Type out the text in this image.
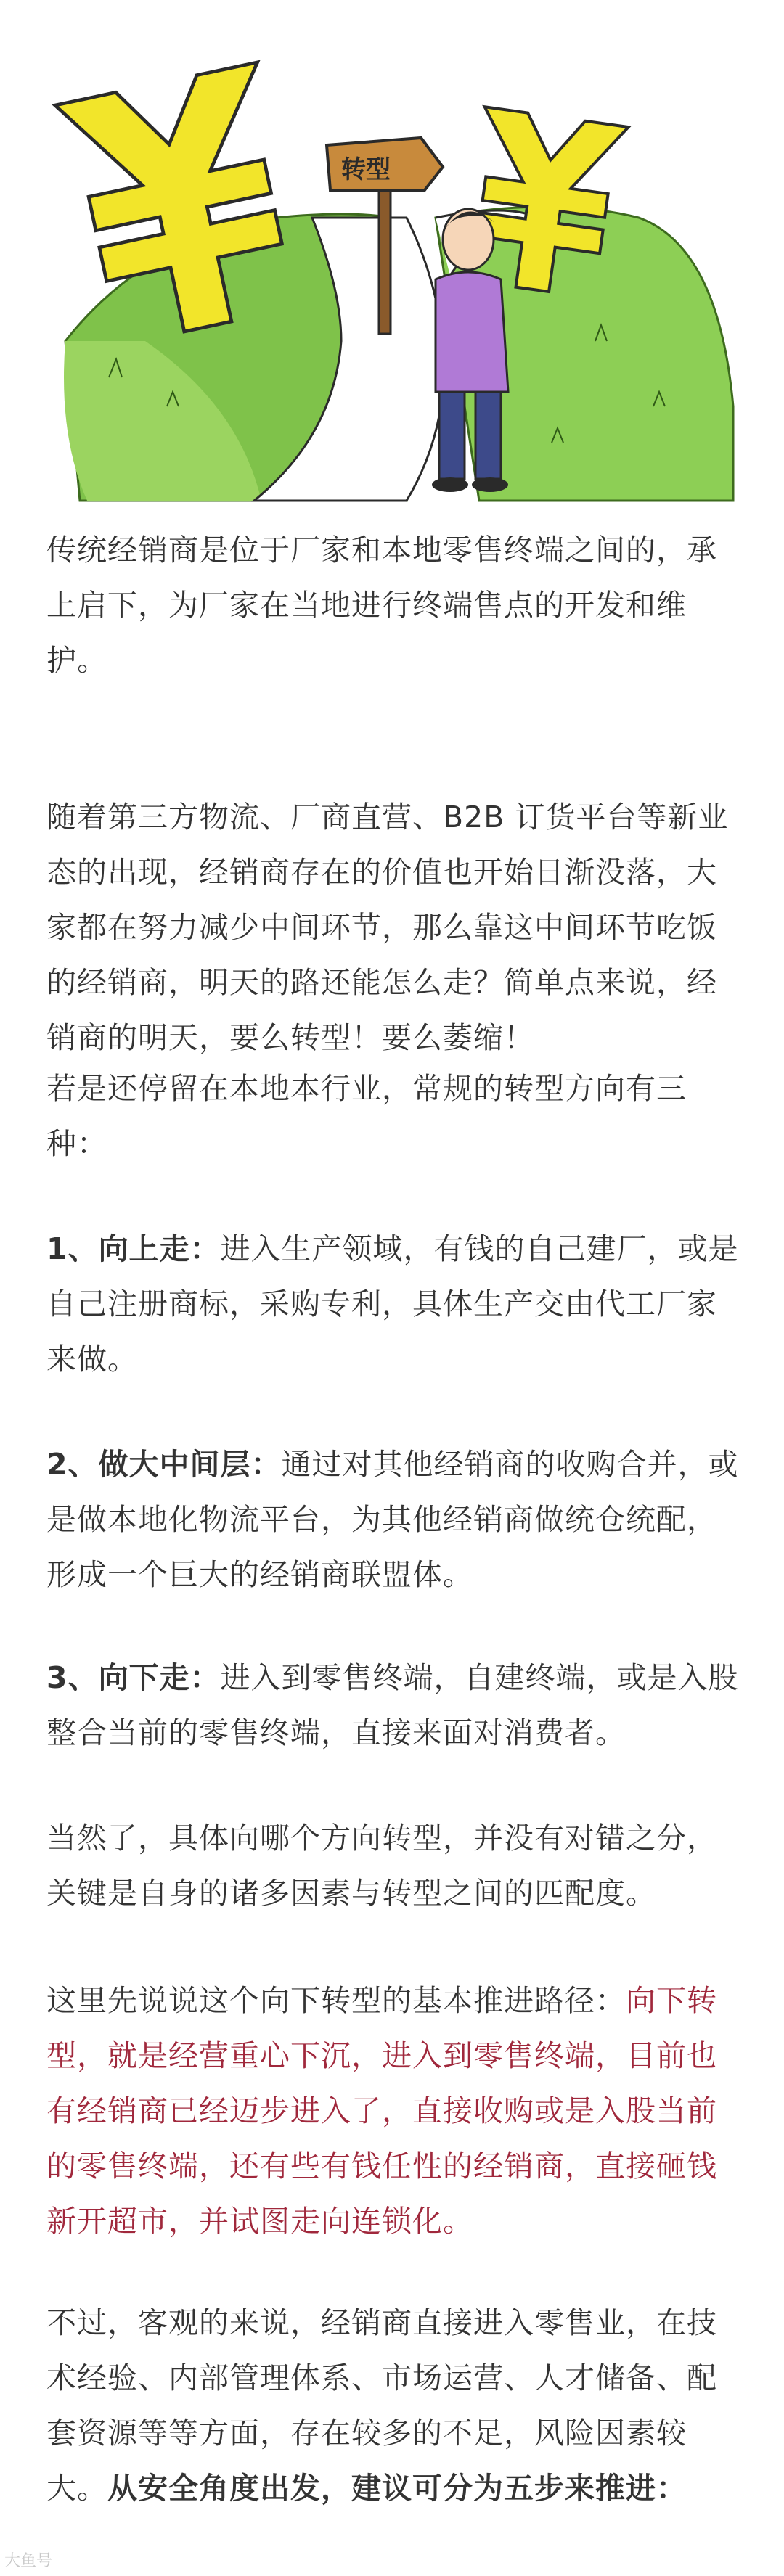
转型

传统经销商是位于厂家和本地零售终端之间的，承上启下，为厂家在当地进行终端售点的开发和维护。

随着第三方物流、厂商直营、B2B 订货平台等新业态的出现，经销商存在的价值也开始日渐没落，大家都在努力减少中间环节，那么靠这中间环节吃饭的经销商，明天的路还能怎么走？简单点来说，经销商的明天，要么转型！要么萎缩！

若是还停留在本地本行业，常规的转型方向有三种：

1、向上走：进入生产领域，有钱的自己建厂，或是自己注册商标，采购专利，具体生产交由代工厂家来做。

2、做大中间层：通过对其他经销商的收购合并，或是做本地化物流平台，为其他经销商做统仓统配，形成一个巨大的经销商联盟体。

3、向下走：进入到零售终端，自建终端，或是入股整合当前的零售终端，直接来面对消费者。

当然了，具体向哪个方向转型，并没有对错之分，关键是自身的诸多因素与转型之间的匹配度。

这里先说说这个向下转型的基本推进路径：向下转型，就是经营重心下沉，进入到零售终端，目前也有经销商已经迈步进入了，直接收购或是入股当前的零售终端，还有些有钱任性的经销商，直接砸钱新开超市，并试图走向连锁化。

不过，客观的来说，经销商直接进入零售业，在技术经验、内部管理体系、市场运营、人才储备、配套资源等等方面，存在较多的不足，风险因素较大。从安全角度出发，建议可分为五步来推进：

大鱼号
